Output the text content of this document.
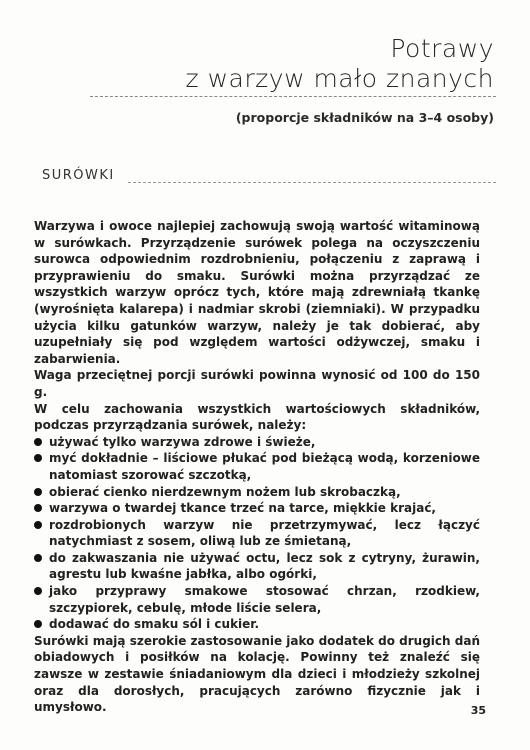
Potrawy
z warzyw mało znanych
(proporcje składników na 3–4 osoby)
SURÓWKI

Warzywa i owoce najlepiej zachowują swoją wartość witaminową w surówkach. Przyrządzenie surówek polega na oczyszczeniu surowca odpowiednim rozdrobnieniu, połączeniu z zaprawą i przyprawieniu do smaku. Surówki można przyrządzać ze wszystkich warzyw oprócz tych, które mają zdrewniałą tkankę (wyrośnięta kalarepa) i nadmiar skrobi (ziemniaki). W przypadku użycia kilku gatunków warzyw, należy je tak dobierać, aby uzupełniały się pod względem wartości odżywczej, smaku i zabarwienia.

Waga przeciętnej porcji surówki powinna wynosić od 100 do 150 g.

W celu zachowania wszystkich wartościowych składników, podczas przyrządzania surówek, należy:

używać tylko warzywa zdrowe i świeże,
myć dokładnie – liściowe płukać pod bieżącą wodą, korzeniowe natomiast szorować szczotką,
obierać cienko nierdzewnym nożem lub skrobaczką,
warzywa o twardej tkance trzeć na tarce, miękkie krajać,
rozdrobionych warzyw nie przetrzymywać, lecz łączyć natychmiast z sosem, oliwą lub ze śmietaną,
do zakwaszania nie używać octu, lecz sok z cytryny, żurawin, agrestu lub kwaśne jabłka, albo ogórki,
jako przyprawy smakowe stosować chrzan, rzodkiew, szczypiorek, cebulę, młode liście selera,
dodawać do smaku sól i cukier.

Surówki mają szerokie zastosowanie jako dodatek do drugich dań obiadowych i posiłków na kolację. Powinny też znaleźć się zawsze w zestawie śniadaniowym dla dzieci i młodzieży szkolnej oraz dla dorosłych, pracujących zarówno fizycznie jak i umysłowo.	35
